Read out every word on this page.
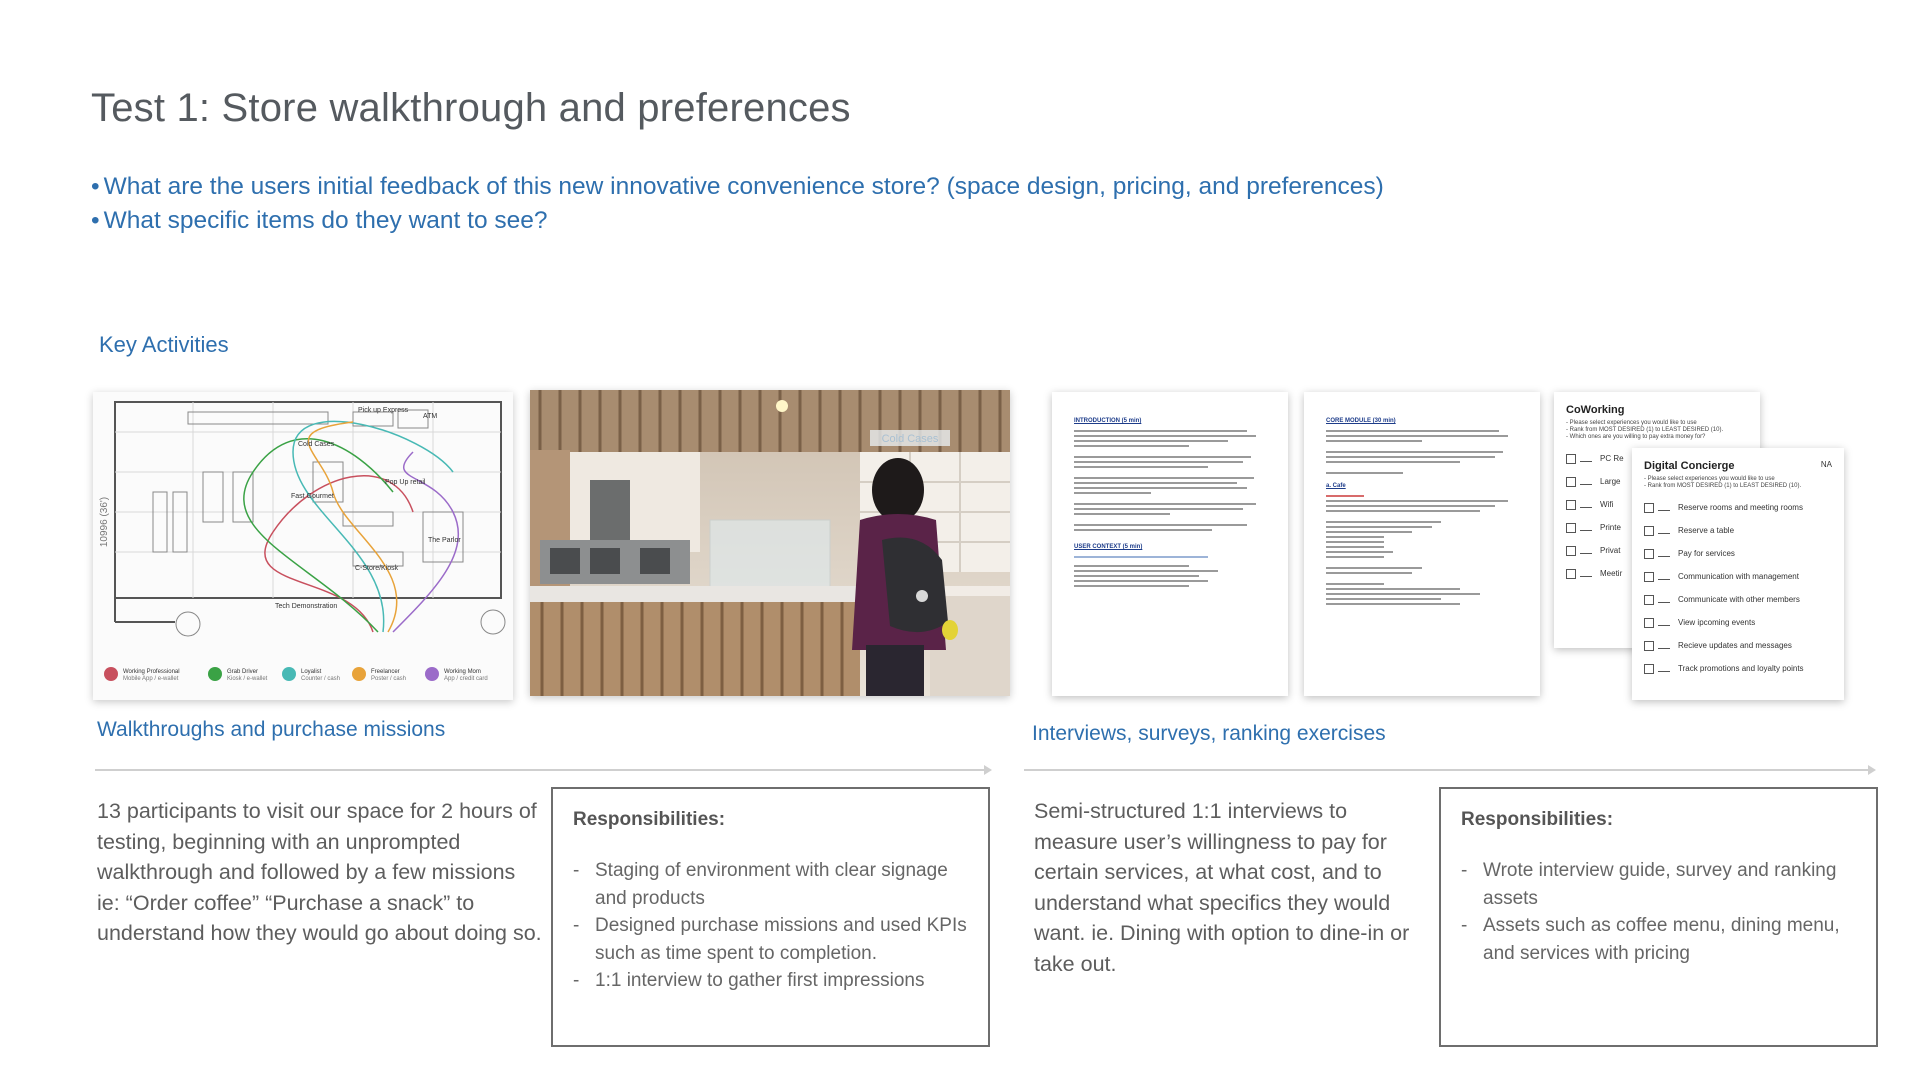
Test 1: Store walkthrough and preferences
• What are the users initial feedback of this new innovative convenience store? (space design, pricing, and preferences)
• What specific items do they want to see?
Key Activities
Pick up Express
ATM
Cold Cases
Pop Up retail
Fast Gourmet
The Parlor
C-Store/Kiosk
Tech Demonstration
10996 (36')
Working Professional
Mobile App / e-wallet
Grab Driver
Kiosk / e-wallet
Loyalist
Counter / cash
Freelancer
Poster / cash
Working Mom
App / credit card
Cold Cases
INTRODUCTION (5 min)
USER CONTEXT (5 min)
CORE MODULE (30 min)
a. Cafe
CoWorking
- Please select experiences you would like to use
- Rank from MOST DESIRED (1) to LEAST DESIRED (10).
- Which ones are you willing to pay extra money for?
PC Re
Large
Wifi
Printe
Privat
Meetir
Digital Concierge	NA
- Please select experiences you would like to use
- Rank from MOST DESIRED (1) to LEAST DESIRED (10).
Reserve rooms and meeting rooms
Reserve a table
Pay for services
Communication with management
Communicate with other members
View ipcoming events
Recieve updates and messages
Track promotions and loyalty points
Walkthroughs and purchase missions	Interviews, surveys, ranking exercises

13 participants to visit our space for 2 hours of testing, beginning with an unprompted walkthrough and followed by a few missions ie: “Order coffee” “Purchase a snack” to understand how they would go about doing so.

Responsibilities:
- Staging of environment with clear signage and products
- Designed purchase missions and used KPIs such as time spent to completion.
- 1:1 interview to gather first impressions

Semi-structured 1:1 interviews to measure user’s willingness to pay for certain services, at what cost, and to understand what specifics they would want. ie. Dining with option to dine-in or take out.

Responsibilities:
- Wrote interview guide, survey and ranking assets
- Assets such as coffee menu, dining menu, and services with pricing
